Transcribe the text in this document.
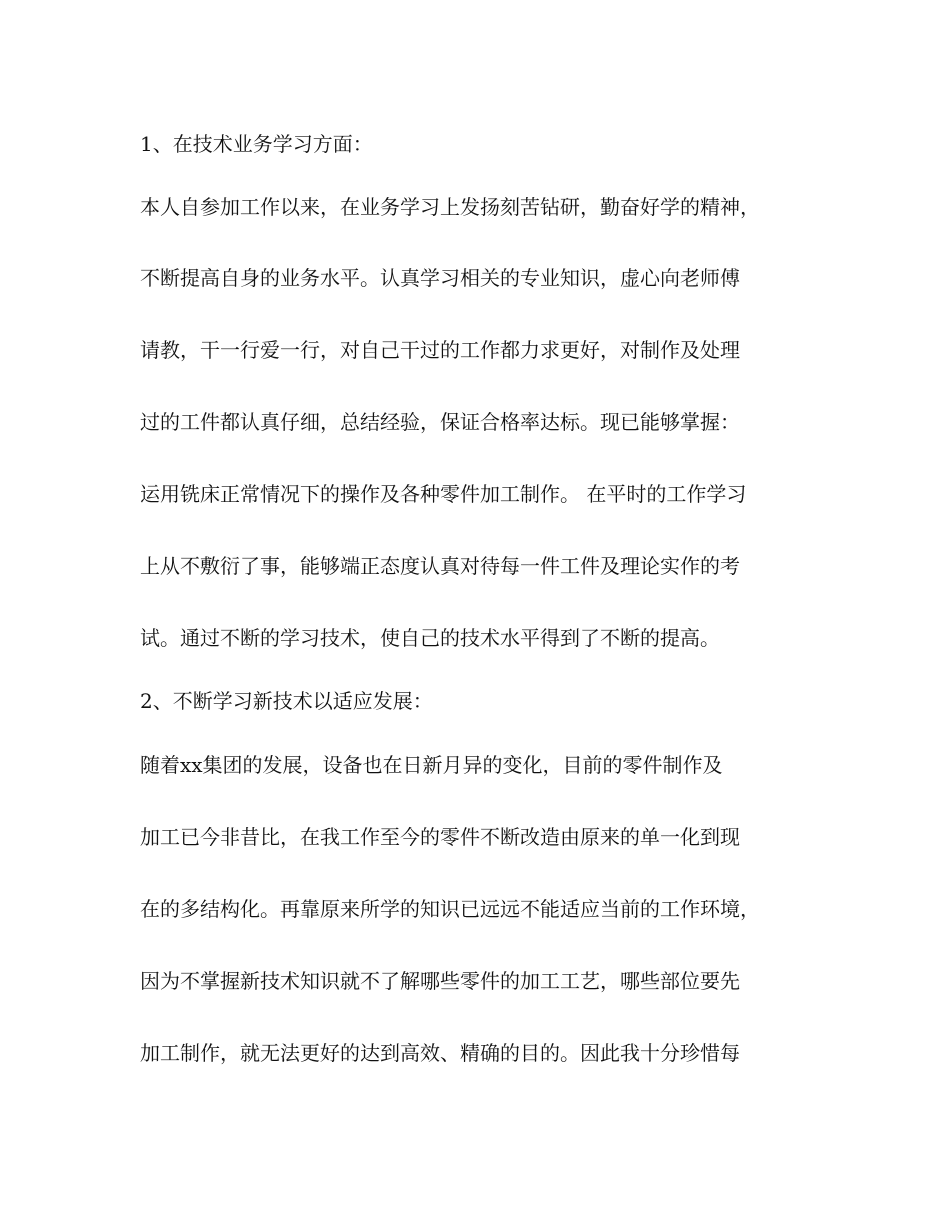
1、在技术业务学习方面：
本人自参加工作以来，在业务学习上发扬刻苦钻研，勤奋好学的精神，
不断提高自身的业务水平。认真学习相关的专业知识，虚心向老师傅
请教，干一行爱一行，对自己干过的工作都力求更好，对制作及处理
过的工件都认真仔细，总结经验，保证合格率达标。现已能够掌握：
运用铣床正常情况下的操作及各种零件加工制作。 在平时的工作学习
上从不敷衍了事，能够端正态度认真对待每一件工件及理论实作的考
试。通过不断的学习技术，使自己的技术水平得到了不断的提高。
2、不断学习新技术以适应发展：
随着xx集团的发展，设备也在日新月异的变化，目前的零件制作及
加工已今非昔比，在我工作至今的零件不断改造由原来的单一化到现
在的多结构化。再靠原来所学的知识已远远不能适应当前的工作环境，
因为不掌握新技术知识就不了解哪些零件的加工工艺，哪些部位要先
加工制作，就无法更好的达到高效、精确的目的。因此我十分珍惜每
